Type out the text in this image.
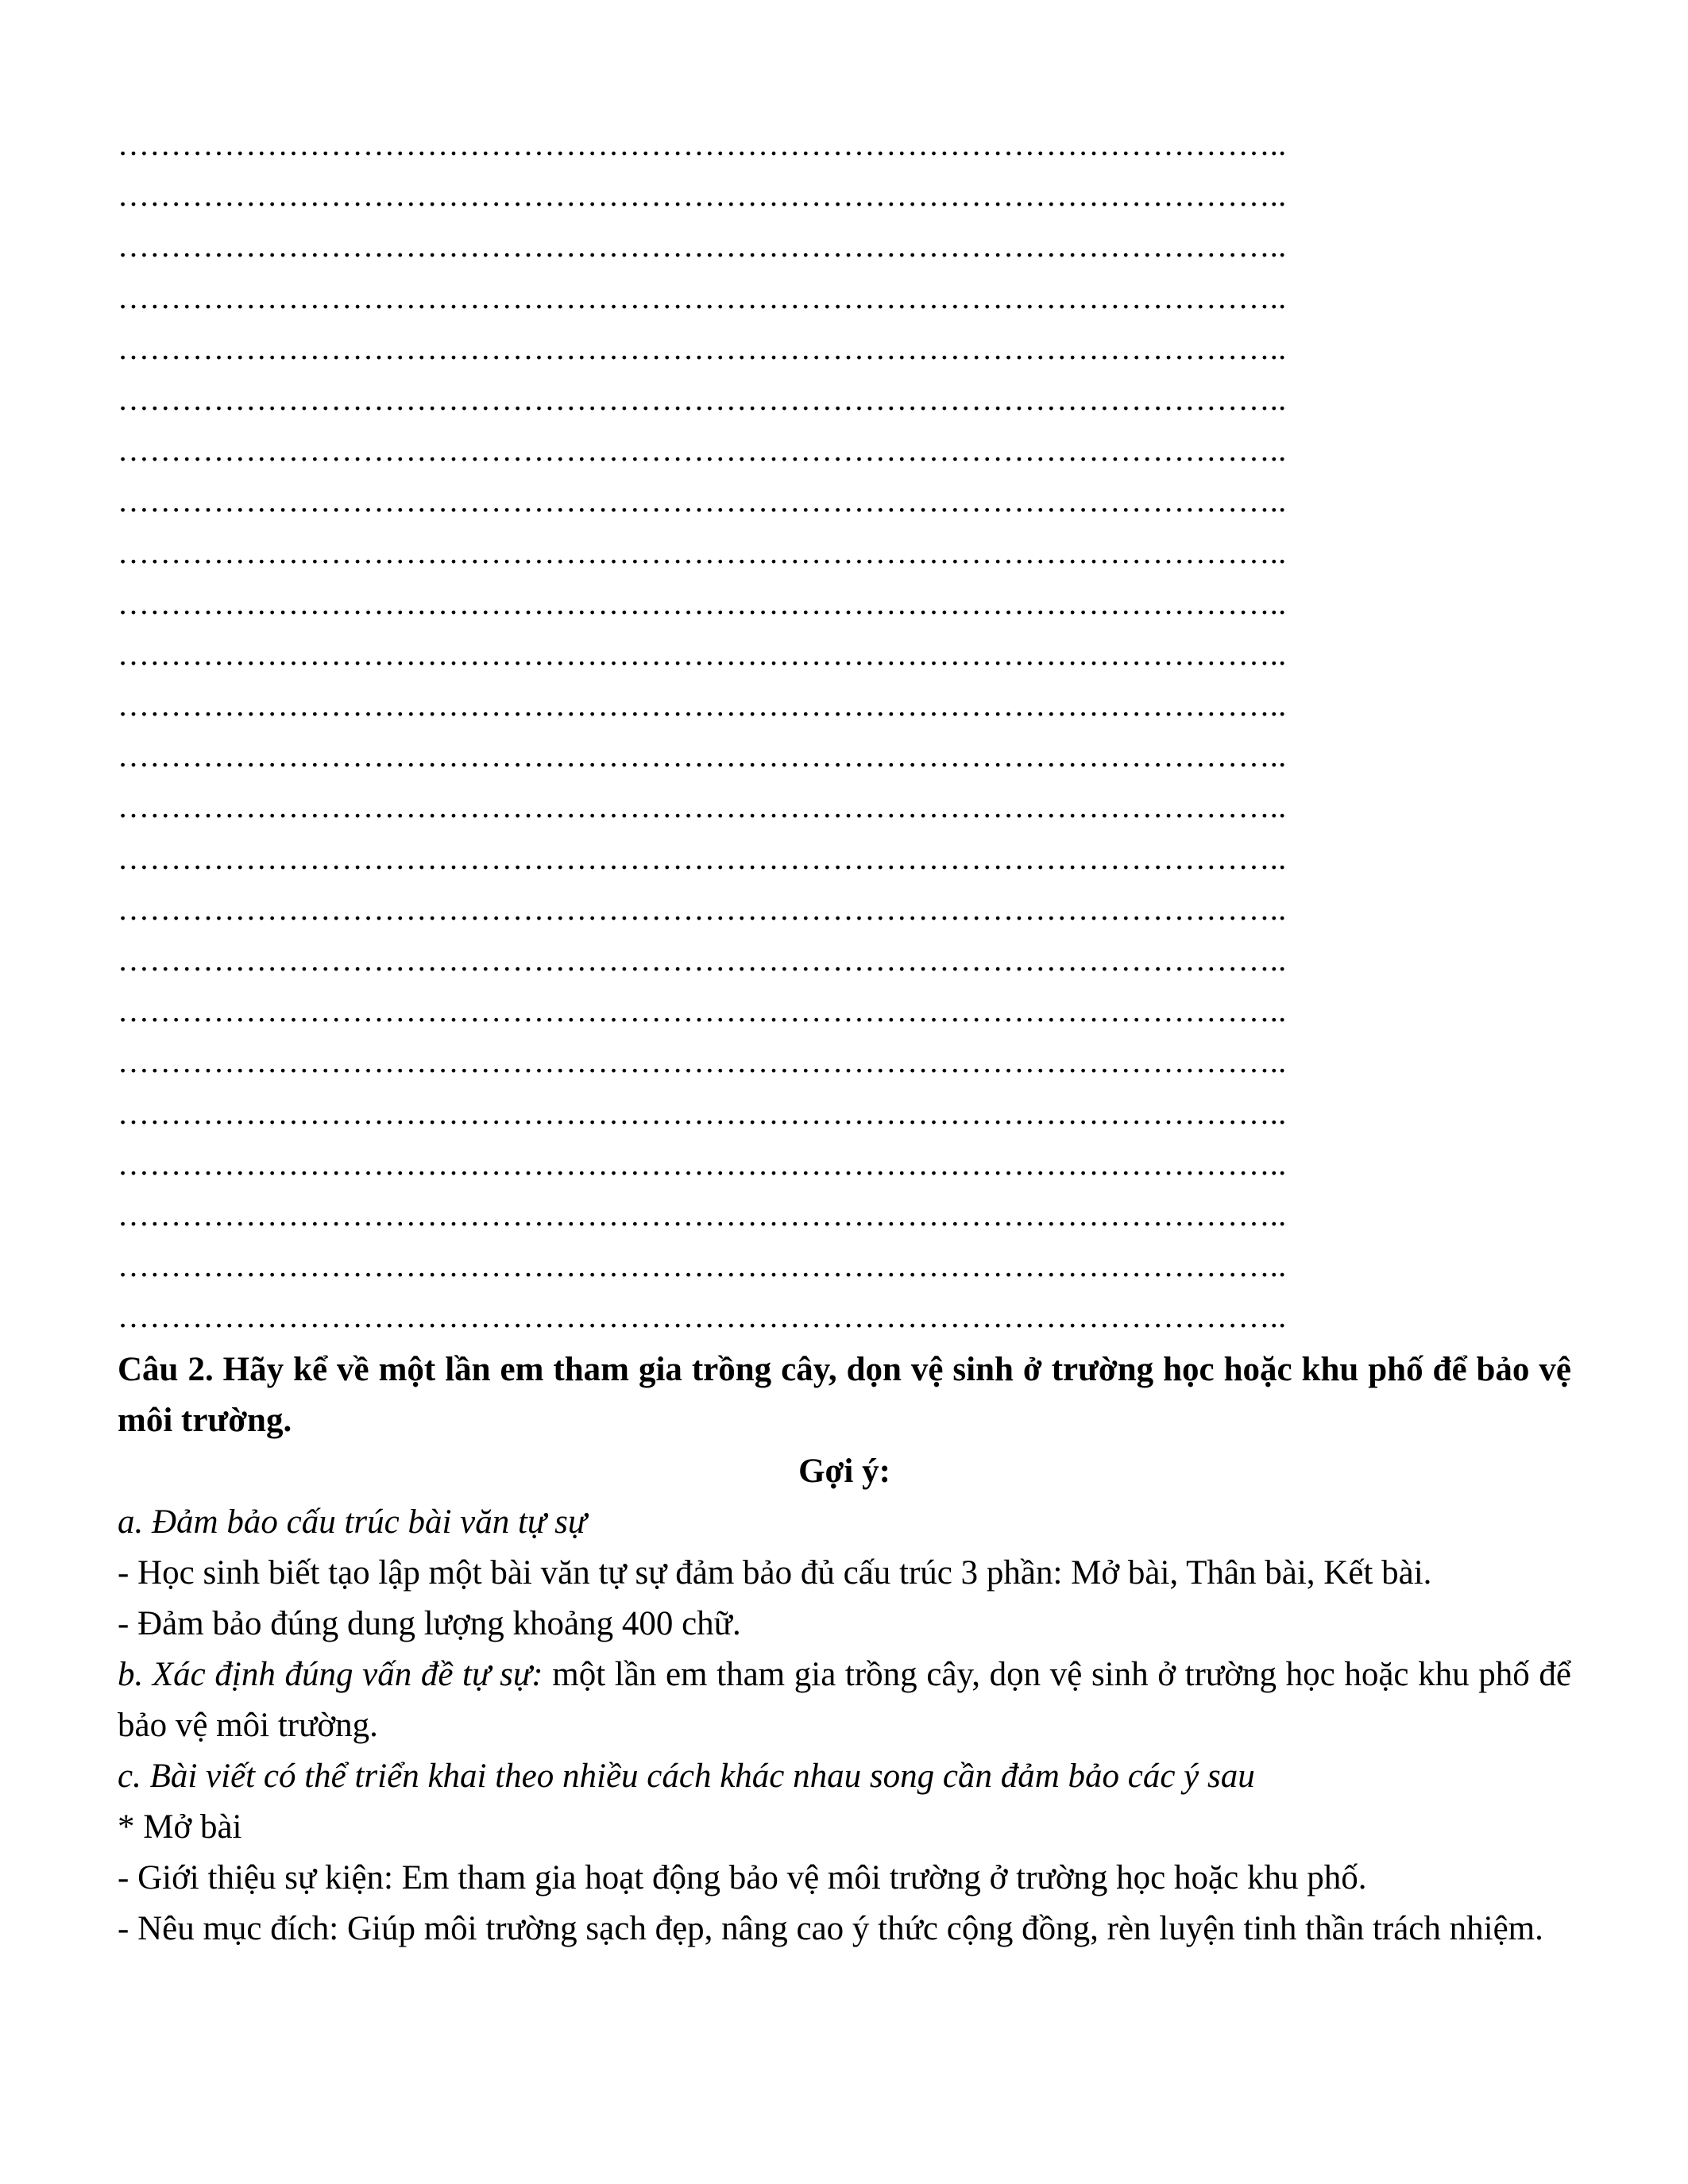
………………………………………………………………………………………………..
………………………………………………………………………………………………..
………………………………………………………………………………………………..
………………………………………………………………………………………………..
………………………………………………………………………………………………..
………………………………………………………………………………………………..
………………………………………………………………………………………………..
………………………………………………………………………………………………..
………………………………………………………………………………………………..
………………………………………………………………………………………………..
………………………………………………………………………………………………..
………………………………………………………………………………………………..
………………………………………………………………………………………………..
………………………………………………………………………………………………..
………………………………………………………………………………………………..
………………………………………………………………………………………………..
………………………………………………………………………………………………..
………………………………………………………………………………………………..
………………………………………………………………………………………………..
………………………………………………………………………………………………..
………………………………………………………………………………………………..
………………………………………………………………………………………………..
………………………………………………………………………………………………..
………………………………………………………………………………………………..
Câu 2. Hãy kể về một lần em tham gia trồng cây, dọn vệ sinh ở trường học hoặc khu phố để bảo vệ môi trường.
Gợi ý:

a. Đảm bảo cấu trúc bài văn tự sự

- Học sinh biết tạo lập một bài văn tự sự đảm bảo đủ cấu trúc 3 phần: Mở bài, Thân bài, Kết bài.

- Đảm bảo đúng dung lượng khoảng 400 chữ.

b. Xác định đúng vấn đề tự sự: một lần em tham gia trồng cây, dọn vệ sinh ở trường học hoặc khu phố để bảo vệ môi trường.

c. Bài viết có thể triển khai theo nhiều cách khác nhau song cần đảm bảo các ý sau

* Mở bài

- Giới thiệu sự kiện: Em tham gia hoạt động bảo vệ môi trường ở trường học hoặc khu phố.

- Nêu mục đích: Giúp môi trường sạch đẹp, nâng cao ý thức cộng đồng, rèn luyện tinh thần trách nhiệm.
